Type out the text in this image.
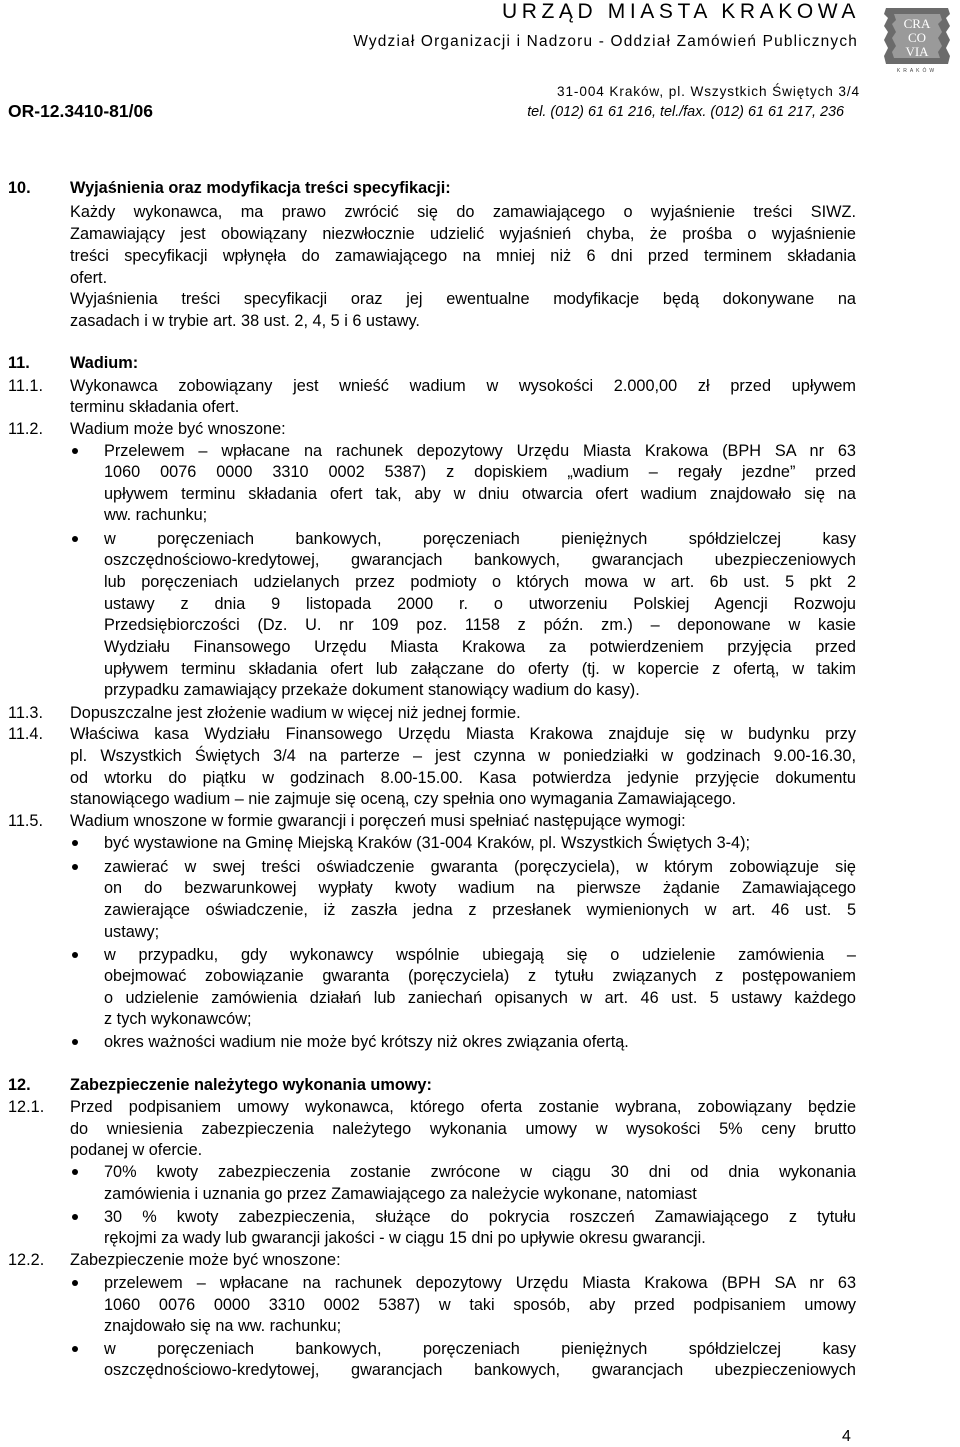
URZĄD MIASTA KRAKOWA
Wydział Organizacji i Nadzoru - Oddział Zamówień Publicznych
31-004 Kraków, pl. Wszystkich Świętych 3/4
tel. (012) 61 61 216, tel./fax. (012) 61 61 217, 236
OR-12.3410-81/06
CRA
CO
VIA
KRAKÓW
10. Wyjaśnienia oraz modyfikacja treści specyfikacji:
Każdy wykonawca, ma prawo zwrócić się do zamawiającego o wyjaśnienie treści SIWZ.
Zamawiający jest obowiązany niezwłocznie udzielić wyjaśnień chyba, że prośba o wyjaśnienie
treści specyfikacji wpłynęła do zamawiającego na mniej niż 6 dni przed terminem składania
ofert.
Wyjaśnienia treści specyfikacji oraz jej ewentualne modyfikacje będą dokonywane na
zasadach i w trybie art. 38 ust. 2, 4, 5 i 6 ustawy.
11. Wadium:
11.1. Wykonawca zobowiązany jest wnieść wadium w wysokości 2.000,00 zł przed upływem
terminu składania ofert.
11.2. Wadium może być wnoszone:
Przelewem – wpłacane na rachunek depozytowy Urzędu Miasta Krakowa (BPH SA nr 63
1060 0076 0000 3310 0002 5387) z dopiskiem „wadium – regały jezdne” przed
upływem terminu składania ofert tak, aby w dniu otwarcia ofert wadium znajdowało się na
ww. rachunku;
w poręczeniach bankowych, poręczeniach pieniężnych spółdzielczej kasy
oszczędnościowo-kredytowej, gwarancjach bankowych, gwarancjach ubezpieczeniowych
lub poręczeniach udzielanych przez podmioty o których mowa w art. 6b ust. 5 pkt 2
ustawy z dnia 9 listopada 2000 r. o utworzeniu Polskiej Agencji Rozwoju
Przedsiębiorczości (Dz. U. nr 109 poz. 1158 z późn. zm.) – deponowane w kasie
Wydziału Finansowego Urzędu Miasta Krakowa za potwierdzeniem przyjęcia przed
upływem terminu składania ofert lub załączane do oferty (tj. w kopercie z ofertą, w takim
przypadku zamawiający przekaże dokument stanowiący wadium do kasy).
11.3. Dopuszczalne jest złożenie wadium w więcej niż jednej formie.
11.4. Właściwa kasa Wydziału Finansowego Urzędu Miasta Krakowa znajduje się w budynku przy
pl. Wszystkich Świętych 3/4 na parterze – jest czynna w poniedziałki w godzinach 9.00-16.30,
od wtorku do piątku w godzinach 8.00-15.00. Kasa potwierdza jedynie przyjęcie dokumentu
stanowiącego wadium – nie zajmuje się oceną, czy spełnia ono wymagania Zamawiającego.
11.5. Wadium wnoszone w formie gwarancji i poręczeń musi spełniać następujące wymogi:
być wystawione na Gminę Miejską Kraków (31-004 Kraków, pl. Wszystkich Świętych 3-4);
zawierać w swej treści oświadczenie gwaranta (poręczyciela), w którym zobowiązuje się
on do bezwarunkowej wypłaty kwoty wadium na pierwsze żądanie Zamawiającego
zawierające oświadczenie, iż zaszła jedna z przesłanek wymienionych w art. 46 ust. 5
ustawy;
w przypadku, gdy wykonawcy wspólnie ubiegają się o udzielenie zamówienia –
obejmować zobowiązanie gwaranta (poręczyciela) z tytułu związanych z postępowaniem
o udzielenie zamówienia działań lub zaniechań opisanych w art. 46 ust. 5 ustawy każdego
z tych wykonawców;
okres ważności wadium nie może być krótszy niż okres związania ofertą.
12. Zabezpieczenie należytego wykonania umowy:
12.1. Przed podpisaniem umowy wykonawca, którego oferta zostanie wybrana, zobowiązany będzie
do wniesienia zabezpieczenia należytego wykonania umowy w wysokości 5% ceny brutto
podanej w ofercie.
70% kwoty zabezpieczenia zostanie zwrócone w ciągu 30 dni od dnia wykonania
zamówienia i uznania go przez Zamawiającego za należycie wykonane, natomiast
30 % kwoty zabezpieczenia, służące do pokrycia roszczeń Zamawiającego z tytułu
rękojmi za wady lub gwarancji jakości - w ciągu 15 dni po upływie okresu gwarancji.
12.2. Zabezpieczenie może być wnoszone:
przelewem – wpłacane na rachunek depozytowy Urzędu Miasta Krakowa (BPH SA nr 63
1060 0076 0000 3310 0002 5387) w taki sposób, aby przed podpisaniem umowy
znajdowało się na ww. rachunku;
w poręczeniach bankowych, poręczeniach pieniężnych spółdzielczej kasy
oszczędnościowo-kredytowej, gwarancjach bankowych, gwarancjach ubezpieczeniowych
4
